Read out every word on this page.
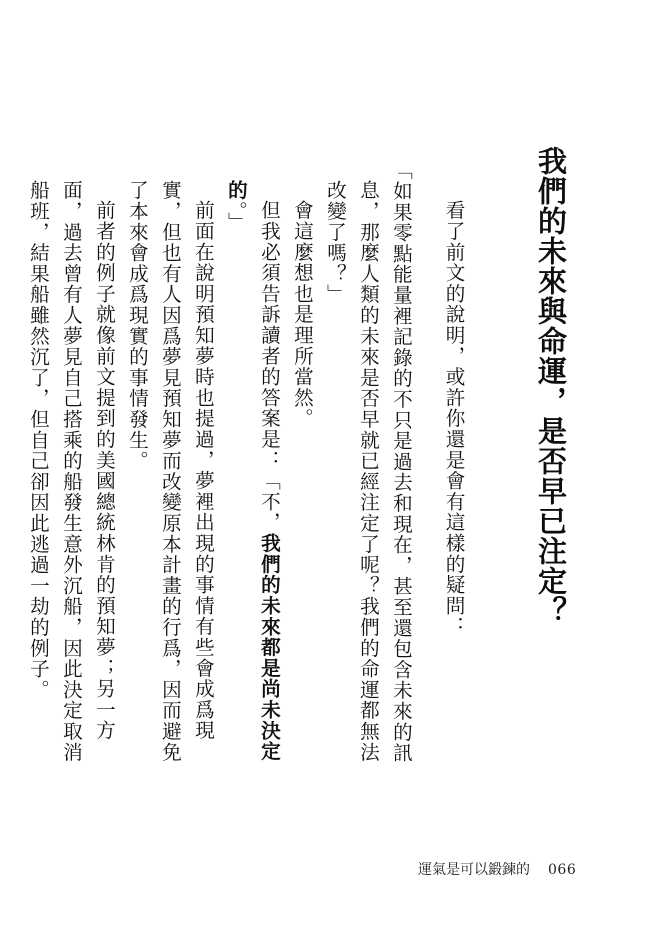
我們的未來與命運，是否早已注定？

看了前文的說明，或許你還是會有這樣的疑問：

「如果零點能量裡記錄的不只是過去和現在，甚至還包含未來的訊息，那麼人類的未來是否早就已經注定了呢？我們的命運都無法改變了嗎？」

會這麼想也是理所當然。

但我必須告訴讀者的答案是：「不，我們的未來都是尚未決定的。」

前面在說明預知夢時也提過，夢裡出現的事情有些會成爲現實，但也有人因爲夢見預知夢而改變原本計畫的行爲，因而避免了本來會成爲現實的事情發生。

前者的例子就像前文提到的美國總統林肯的預知夢；另一方面，過去曾有人夢見自己搭乘的船發生意外沉船，因此決定取消船班，結果船雖然沉了，但自己卻因此逃過一劫的例子。

運氣是可以鍛鍊的 066
